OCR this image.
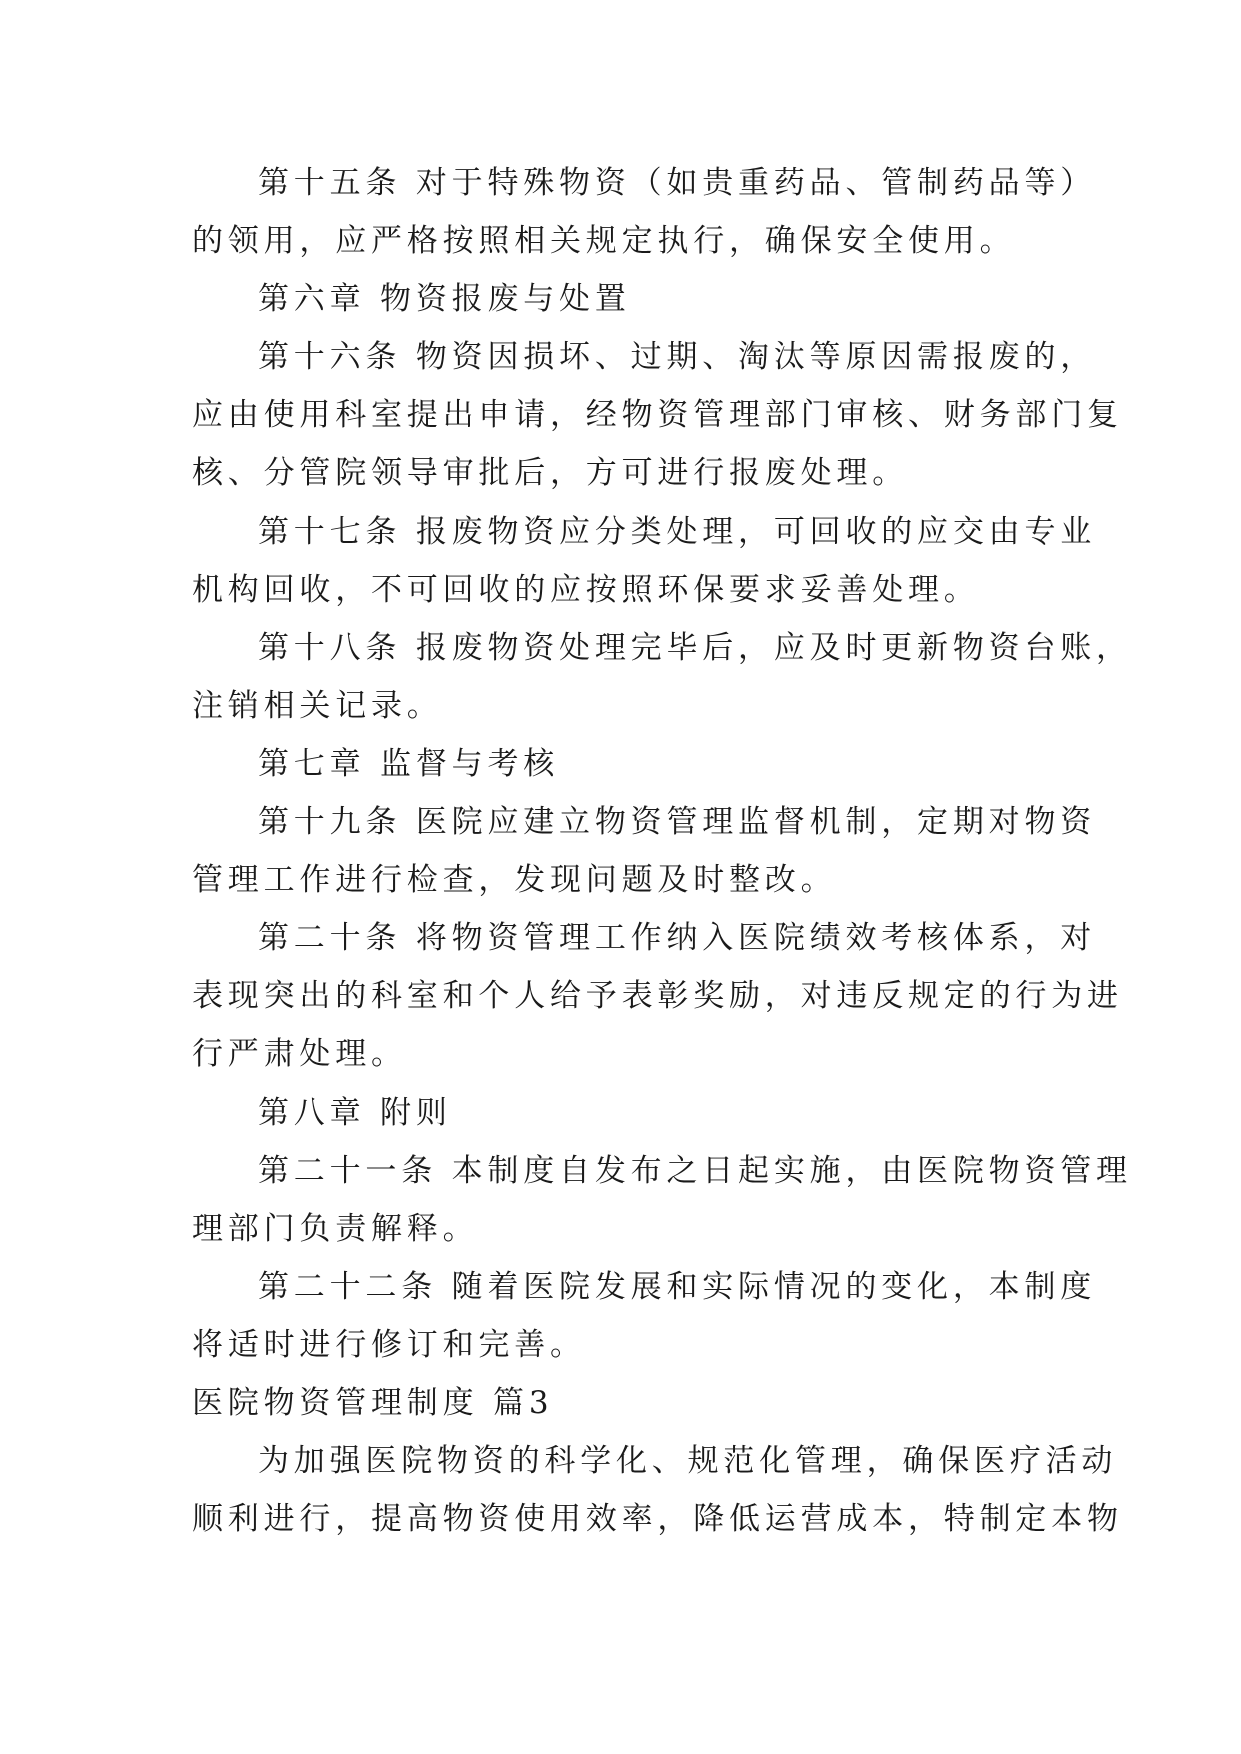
第十五条 对于特殊物资（如贵重药品、管制药品等）
的领用，应严格按照相关规定执行，确保安全使用。
第六章 物资报废与处置
第十六条 物资因损坏、过期、淘汰等原因需报废的，
应由使用科室提出申请，经物资管理部门审核、财务部门复
核、分管院领导审批后，方可进行报废处理。
第十七条 报废物资应分类处理，可回收的应交由专业
机构回收，不可回收的应按照环保要求妥善处理。
第十八条 报废物资处理完毕后，应及时更新物资台账，
注销相关记录。
第七章 监督与考核
第十九条 医院应建立物资管理监督机制，定期对物资
管理工作进行检查，发现问题及时整改。
第二十条 将物资管理工作纳入医院绩效考核体系，对
表现突出的科室和个人给予表彰奖励，对违反规定的行为进
行严肃处理。
第八章 附则
第二十一条 本制度自发布之日起实施，由医院物资管理
理部门负责解释。
第二十二条 随着医院发展和实际情况的变化，本制度
将适时进行修订和完善。
医院物资管理制度 篇3
为加强医院物资的科学化、规范化管理，确保医疗活动
顺利进行，提高物资使用效率，降低运营成本，特制定本物
